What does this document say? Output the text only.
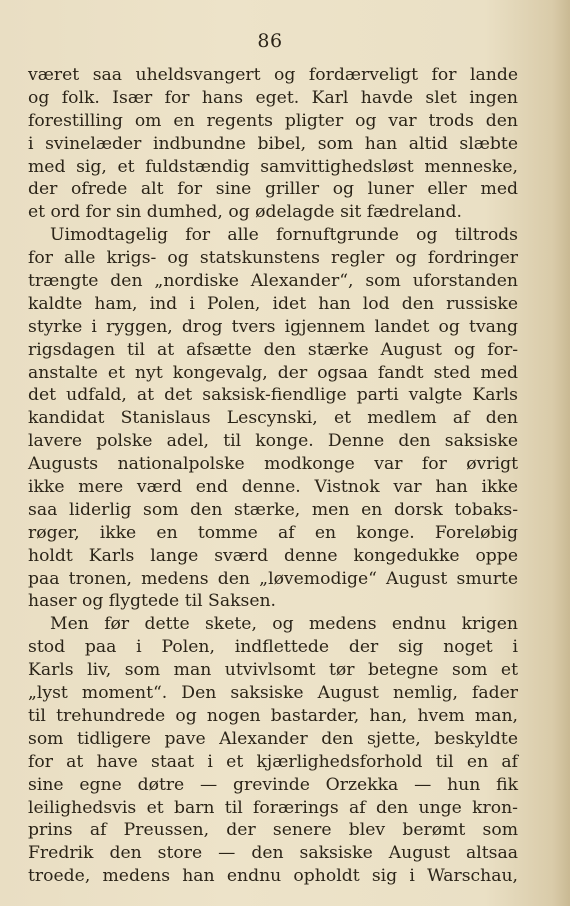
86
været saa uheldsvangert og fordærveligt for lande
og folk. Især for hans eget. Karl havde slet ingen
forestilling om en regents pligter og var trods den
i svinelæder indbundne bibel, som han altid slæbte
med sig, et fuldstændig samvittighedsløst menneske,
der ofrede alt for sine griller og luner eller med
et ord for sin dumhed, og ødelagde sit fædreland.
Uimodtagelig for alle fornuftgrunde og tiltrods
for alle krigs- og statskunstens regler og fordringer
trængte den „nordiske Alexander“, som uforstanden
kaldte ham, ind i Polen, idet han lod den russiske
styrke i ryggen, drog tvers igjennem landet og tvang
rigsdagen til at afsætte den stærke August og for-
anstalte et nyt kongevalg, der ogsaa fandt sted med
det udfald, at det saksisk-fiendlige parti valgte Karls
kandidat Stanislaus Lescynski, et medlem af den
lavere polske adel, til konge. Denne den saksiske
Augusts nationalpolske modkonge var for øvrigt
ikke mere værd end denne. Vistnok var han ikke
saa liderlig som den stærke, men en dorsk tobaks-
røger, ikke en tomme af en konge. Foreløbig
holdt Karls lange sværd denne kongedukke oppe
paa tronen, medens den „løvemodige“ August smurte
haser og flygtede til Saksen.
Men før dette skete, og medens endnu krigen
stod paa i Polen, indflettede der sig noget i
Karls liv, som man utvivlsomt tør betegne som et
„lyst moment“. Den saksiske August nemlig, fader
til trehundrede og nogen bastarder, han, hvem man,
som tidligere pave Alexander den sjette, beskyldte
for at have staat i et kjærlighedsforhold til en af
sine egne døtre — grevinde Orzekka — hun fik
leilighedsvis et barn til forærings af den unge kron-
prins af Preussen, der senere blev berømt som
Fredrik den store — den saksiske August altsaa
troede, medens han endnu opholdt sig i Warschau,
